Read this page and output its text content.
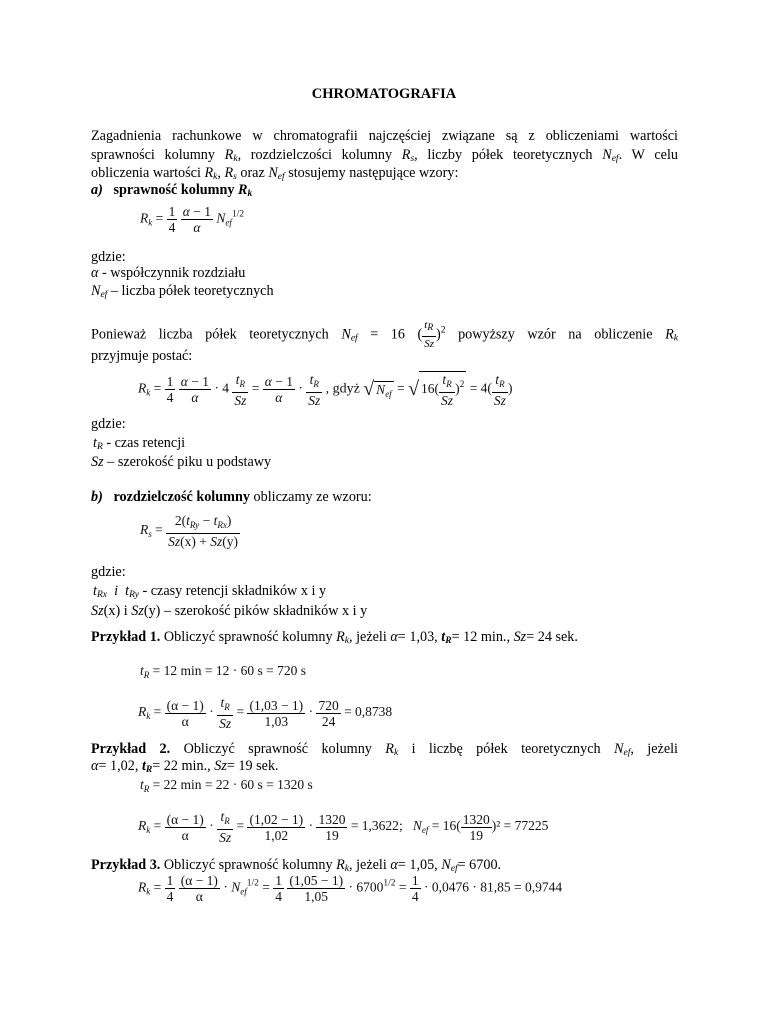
CHROMATOGRAFIA
Zagadnienia rachunkowe w chromatografii najczęściej związane są z obliczeniami wartości
sprawności kolumny $R_k$, rozdzielczości kolumny $R_s$, liczby półek teoretycznych $N_{ef}$. W celu
obliczenia wartości $R_k$, $R_s$ oraz $N_{ef}$ stosujemy następujące wzory:
a) sprawność kolumny $R_k$
$R_k = \frac{1}{4}$
$\frac{\alpha - 1}{\alpha} N_{ef}^{1/2}$
gdzie:
α - współczynnik rozdziału
$N_{ef}$ – liczba półek teoretycznych
Ponieważ liczba półek teoretycznych $N_{ef} = 16$ ( $\frac{t_R}{Sz} )^2$ powyższy wzór na obliczenie $R_k$
przyjmuje postać:
$R_k = \frac{1}{4}$
$\frac{\alpha - 1}{\alpha} \cdot 4 \frac{t_R}{Sz} = \frac{\alpha - 1}{\alpha} \cdot \frac{t_R}{Sz}$ , gdyż √ $N_{ef}$ = √ $16( \frac{t_R}{Sz} )^2 = 4( \frac{t_R}{Sz}$ )
gdzie:
$t_R$ - czas retencji
Sz – szerokość piku u podstawy
b) rozdzielczość kolumny obliczamy ze wzoru:
$R_s = \frac{2(t_{Ry} - t_{Rx})}{Sz(x) + Sz(y)}$
gdzie:
$t_{Rx}$ i $t_{Ry}$ - czasy retencji składników x i y
Sz(x) i Sz(y) – szerokość pików składników x i y
Przykład 1. Obliczyć sprawność kolumny $R_k$, jeżeli α= 1,03, $t_R= 12$ min., Sz= 24 sek.
$t_R = 12$ min = 12 · 60 s = 720 s
$R_k = \frac{(\alpha - 1)}{\alpha} \cdot \frac{t_R}{Sz} = \frac{(1,03 - 1)}{1,03} \cdot \frac{720}{24} = 0,8738$
Przykład 2. Obliczyć sprawność kolumny $R_k$ i liczbę półek teoretycznych $N_{ef}$, jeżeli
α= 1,02, $t_R= 22$ min., Sz= 19 sek.
$t_R = 22$ min = 22 · 60 s = 1320 s
$R_k = \frac{(\alpha - 1)}{\alpha} \cdot \frac{t_R}{Sz} = \frac{(1,02 - 1)}{1,02} \cdot \frac{1320}{19} = 1,3622$;   $N_{ef} = 16( \frac{1320}{19} )^2 = 77225$
Przykład 3. Obliczyć sprawność kolumny $R_k$, jeżeli α= 1,05, $N_{ef}= 6700$.
$R_k = \frac{1}{4}$
$\frac{(\alpha - 1)}{\alpha} \cdot N_{ef}^{1/2} = \frac{1}{4}$
$\frac{(1,05 - 1)}{1,05} \cdot 6700^{1/2} = \frac{1}{4} \cdot 0,0476 \cdot 81,85 = 0,9744$
